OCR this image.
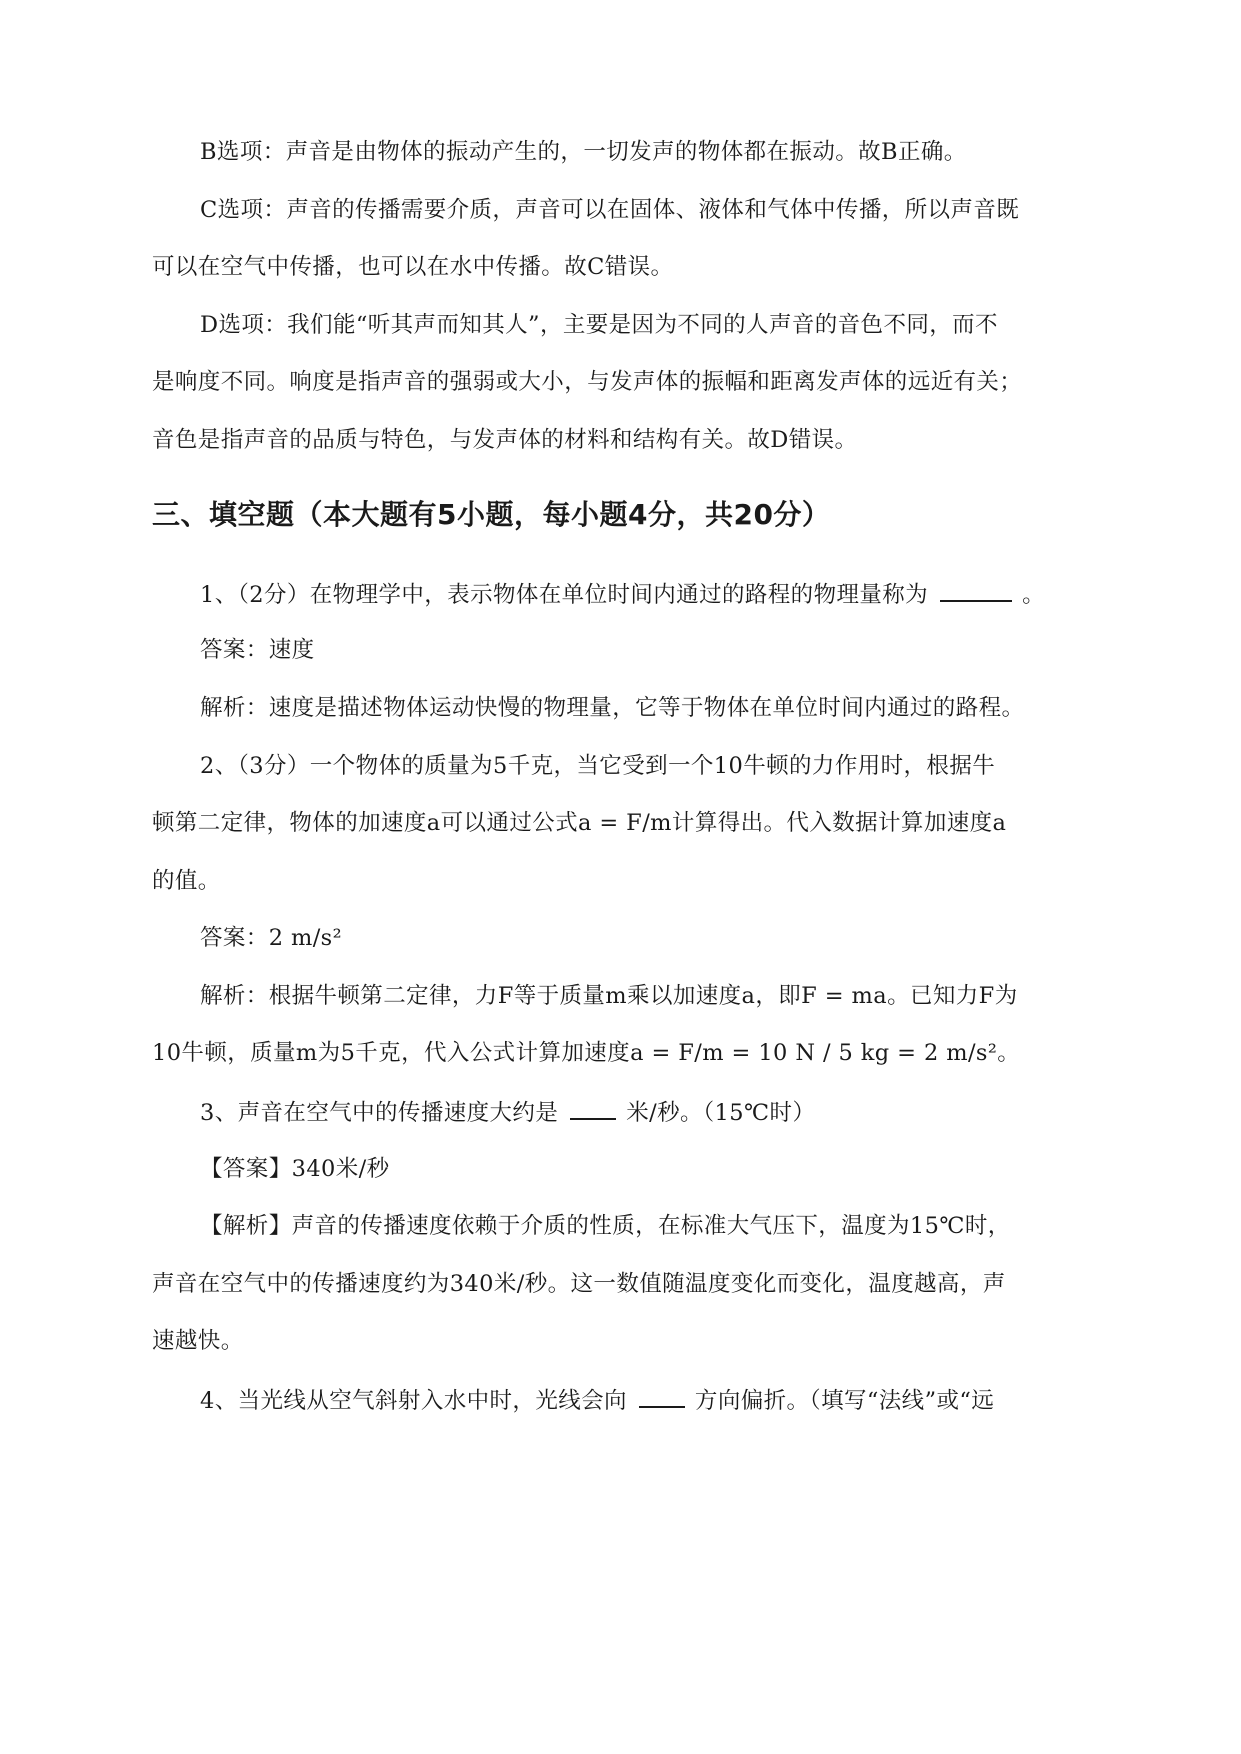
B选项：声音是由物体的振动产生的，一切发声的物体都在振动。故B正确。
C选项：声音的传播需要介质，声音可以在固体、液体和气体中传播，所以声音既
可以在空气中传播，也可以在水中传播。故C错误。
D选项：我们能“听其声而知其人”，主要是因为不同的人声音的音色不同，而不
是响度不同。响度是指声音的强弱或大小，与发声体的振幅和距离发声体的远近有关；
音色是指声音的品质与特色，与发声体的材料和结构有关。故D错误。
三、填空题（本大题有5小题，每小题4分，共20分）
1、（2分）在物理学中，表示物体在单位时间内通过的路程的物理量称为	。
答案：速度
解析：速度是描述物体运动快慢的物理量，它等于物体在单位时间内通过的路程。
2、（3分）一个物体的质量为5千克，当它受到一个10牛顿的力作用时，根据牛
顿第二定律，物体的加速度a可以通过公式a = F/m计算得出。代入数据计算加速度a
的值。
答案：2 m/s²
解析：根据牛顿第二定律，力F等于质量m乘以加速度a，即F = ma。已知力F为
10牛顿，质量m为5千克，代入公式计算加速度a = F/m = 10 N / 5 kg = 2 m/s²。
3、声音在空气中的传播速度大约是	米/秒。（15℃时）
【答案】340米/秒
【解析】声音的传播速度依赖于介质的性质，在标准大气压下，温度为15℃时，
声音在空气中的传播速度约为340米/秒。这一数值随温度变化而变化，温度越高，声
速越快。
4、当光线从空气斜射入水中时，光线会向	方向偏折。（填写“法线”或“远
